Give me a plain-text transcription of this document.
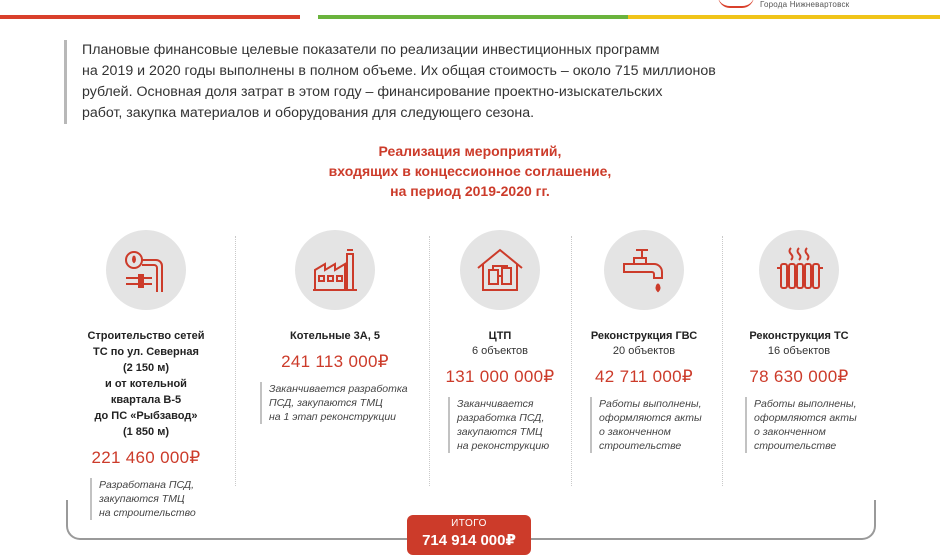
Города Нижневартовск
Плановые финансовые целевые показатели по реализации инвестиционных программ
на 2019 и 2020 годы выполнены в полном объеме. Их общая стоимость – около 715 миллионов
рублей. Основная доля затрат в этом году – финансирование проектно-изыскательских
работ, закупка материалов и оборудования для следующего сезона.
Реализация мероприятий,
входящих в концессионное соглашение,
на период 2019-2020 гг.
Строительство сетей
ТС по ул. Северная
(2 150 м)
и от котельной
квартала В-5
до ПС «Рыбзавод»
(1 850 м)
221 460 000₽
Разработана ПСД,
закупаются ТМЦ
на строительство
Котельные 3А, 5
241 113 000₽
Заканчивается разработка
ПСД, закупаются ТМЦ
на 1 этап реконструкции
ЦТП
6 объектов
131 000 000₽
Заканчивается
разработка ПСД,
закупаются ТМЦ
на реконструкцию
Реконструкция ГВС
20 объектов
42 711 000₽
Работы выполнены,
оформляются акты
о законченном
строительстве
Реконструкция ТС
16 объектов
78 630 000₽
Работы выполнены,
оформляются акты
о законченном
строительстве
ИТОГО
714 914 000₽
